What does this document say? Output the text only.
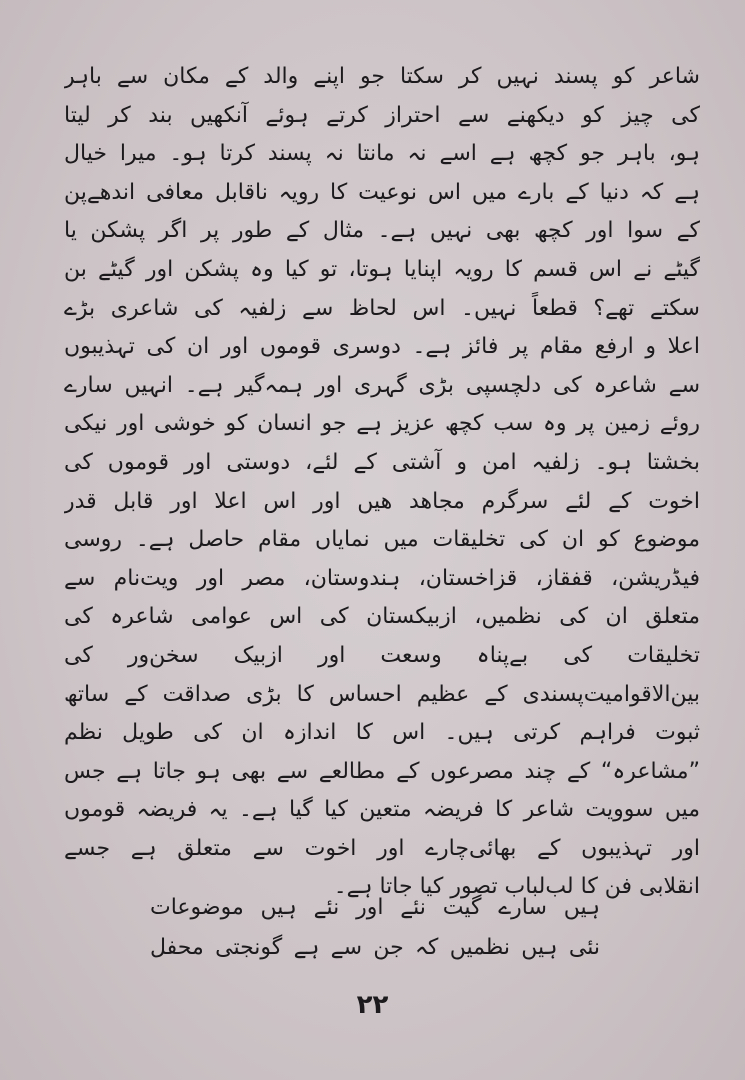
شاعر کو پسند نہیں کر سکتا جو اپنے والد کے مکان سے باہر
کی چیز کو دیکھنے سے احتراز کرتے ہوئے آنکھیں بند کر لیتا
ہو، باہر جو کچھ ہے اسے نہ مانتا نہ پسند کرتا ہو۔ میرا خیال
ہے کہ دنیا کے بارے میں اس نوعیت کا رویہ ناقابل معافی اندھےپن
کے سوا اور کچھ بھی نہیں ہے۔ مثال کے طور پر اگر پشکن یا
گیٹے نے اس قسم کا رویہ اپنایا ہوتا، تو کیا وہ پشکن اور گیٹے بن
سکتے تھے؟ قطعاً نہیں۔ اس لحاظ سے زلفیہ کی شاعری بڑے
اعلا و ارفع مقام پر فائز ہے۔ دوسری قوموں اور ان کی تہذیبوں
سے شاعرہ کی دلچسپی بڑی گہری اور ہمہ‌گیر ہے۔ انہیں سارے
روئے زمین پر وہ سب کچھ عزیز ہے جو انسان کو خوشی اور نیکی
بخشتا ہو۔ زلفیہ امن و آشتی کے لئے، دوستی اور قوموں کی
اخوت کے لئے سرگرم مجاھد ھیں اور اس اعلا اور قابل قدر
موضوع کو ان کی تخلیقات میں نمایاں مقام حاصل ہے۔ روسی
فیڈریشن، قفقاز، قزاخستان، ہندوستان، مصر اور ویت‌نام سے
متعلق ان کی نظمیں، ازبیکستان کی اس عوامی شاعرہ کی
تخلیقات کی بےپناہ وسعت اور ازبیک سخن‌ور کی
بین‌الاقوامیت‌پسندی کے عظیم احساس کا بڑی صداقت کے ساتھ
ثبوت فراہم کرتی ہیں۔ اس کا اندازہ ان کی طویل نظم
”مشاعرہ“ کے چند مصرعوں کے مطالعے سے بھی ہو جاتا ہے جس
میں سوویت شاعر کا فریضہ متعین کیا گیا ہے۔ یہ فریضہ قوموں
اور تہذیبوں کے بھائی‌چارے اور اخوت سے متعلق ہے جسے
انقلابی فن کا لب‌لباب تصور کیا جاتا ہے۔
ہیں سارے گیت نئے اور نئے ہیں موضوعات
نئی ہیں نظمیں کہ جن سے ہے گونجتی محفل
۲۲
